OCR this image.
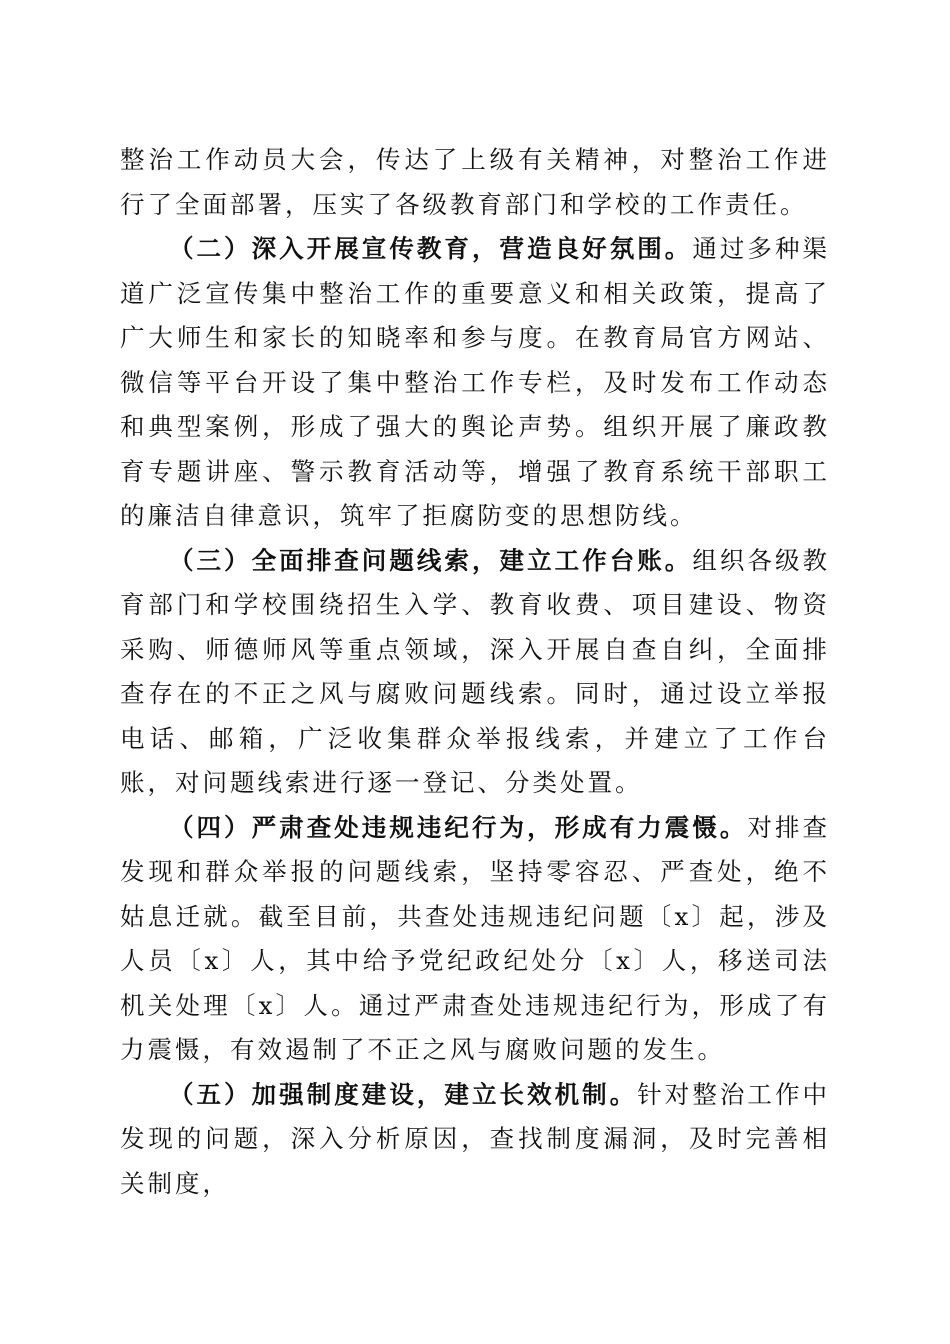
整治工作动员大会，传达了上级有关精神，对整治工作进行了全面部署，压实了各级教育部门和学校的工作责任。

（二）深入开展宣传教育，营造良好氛围。通过多种渠道广泛宣传集中整治工作的重要意义和相关政策，提高了广大师生和家长的知晓率和参与度。在教育局官方网站、微信等平台开设了集中整治工作专栏，及时发布工作动态和典型案例，形成了强大的舆论声势。组织开展了廉政教育专题讲座、警示教育活动等，增强了教育系统干部职工的廉洁自律意识，筑牢了拒腐防变的思想防线。

（三）全面排查问题线索，建立工作台账。组织各级教育部门和学校围绕招生入学、教育收费、项目建设、物资采购、师德师风等重点领域，深入开展自查自纠，全面排查存在的不正之风与腐败问题线索。同时，通过设立举报电话、邮箱，广泛收集群众举报线索，并建立了工作台账，对问题线索进行逐一登记、分类处置。

（四）严肃查处违规违纪行为，形成有力震慑。对排查发现和群众举报的问题线索，坚持零容忍、严查处，绝不姑息迁就。截至目前，共查处违规违纪问题〔x〕起，涉及人员〔x〕人，其中给予党纪政纪处分〔x〕人，移送司法机关处理〔x〕人。通过严肃查处违规违纪行为，形成了有力震慑，有效遏制了不正之风与腐败问题的发生。

（五）加强制度建设，建立长效机制。针对整治工作中发现的问题，深入分析原因，查找制度漏洞，及时完善相关制度，
